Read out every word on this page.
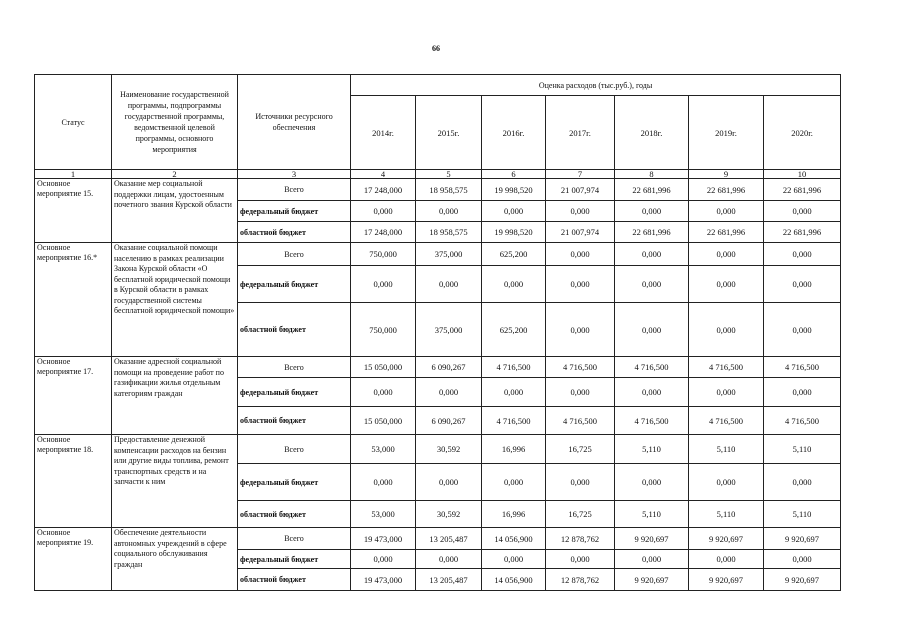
66
Статус	Наименование государственной программы, подпрограммы государственной программы, ведомственной целевой программы, основного мероприятия	Источники ресурсного обеспечения	Оценка расходов (тыс.руб.), годы						
			2014г.	2015г.	2016г.	2017г.	2018г.	2019г.	2020г.
1	2	3	4	5	6	7	8	9	10
Основное мероприятие 15.	Оказание мер социальной поддержки лицам, удостоенным почетного звания Курской области	Всего	17 248,000	18 958,575	19 998,520	21 007,974	22 681,996	22 681,996	22 681,996
		федеральный бюджет	0,000	0,000	0,000	0,000	0,000	0,000	0,000
		областной бюджет	17 248,000	18 958,575	19 998,520	21 007,974	22 681,996	22 681,996	22 681,996
Основное мероприятие 16.*	Оказание социальной помощи населению в рамках реализации Закона Курской области «О бесплатной юридической помощи в Курской области в рамках государственной системы бесплатной юридической помощи»	Всего	750,000	375,000	625,200	0,000	0,000	0,000	0,000
		федеральный бюджет	0,000	0,000	0,000	0,000	0,000	0,000	0,000
		областной бюджет	750,000	375,000	625,200	0,000	0,000	0,000	0,000
Основное мероприятие 17.	Оказание адресной социальной помощи на проведение работ по газификации жилья отдельным категориям граждан	Всего	15 050,000	6 090,267	4 716,500	4 716,500	4 716,500	4 716,500	4 716,500
		федеральный бюджет	0,000	0,000	0,000	0,000	0,000	0,000	0,000
		областной бюджет	15 050,000	6 090,267	4 716,500	4 716,500	4 716,500	4 716,500	4 716,500
Основное мероприятие 18.	Предоставление денежной компенсации расходов на бензин или другие виды топлива, ремонт транспортных средств и на запчасти к ним	Всего	53,000	30,592	16,996	16,725	5,110	5,110	5,110
		федеральный бюджет	0,000	0,000	0,000	0,000	0,000	0,000	0,000
		областной бюджет	53,000	30,592	16,996	16,725	5,110	5,110	5,110
Основное мероприятие 19.	Обеспечение деятельности автономных учреждений в сфере социального обслуживания граждан	Всего	19 473,000	13 205,487	14 056,900	12 878,762	9 920,697	9 920,697	9 920,697
		федеральный бюджет	0,000	0,000	0,000	0,000	0,000	0,000	0,000
		областной бюджет	19 473,000	13 205,487	14 056,900	12 878,762	9 920,697	9 920,697	9 920,697
